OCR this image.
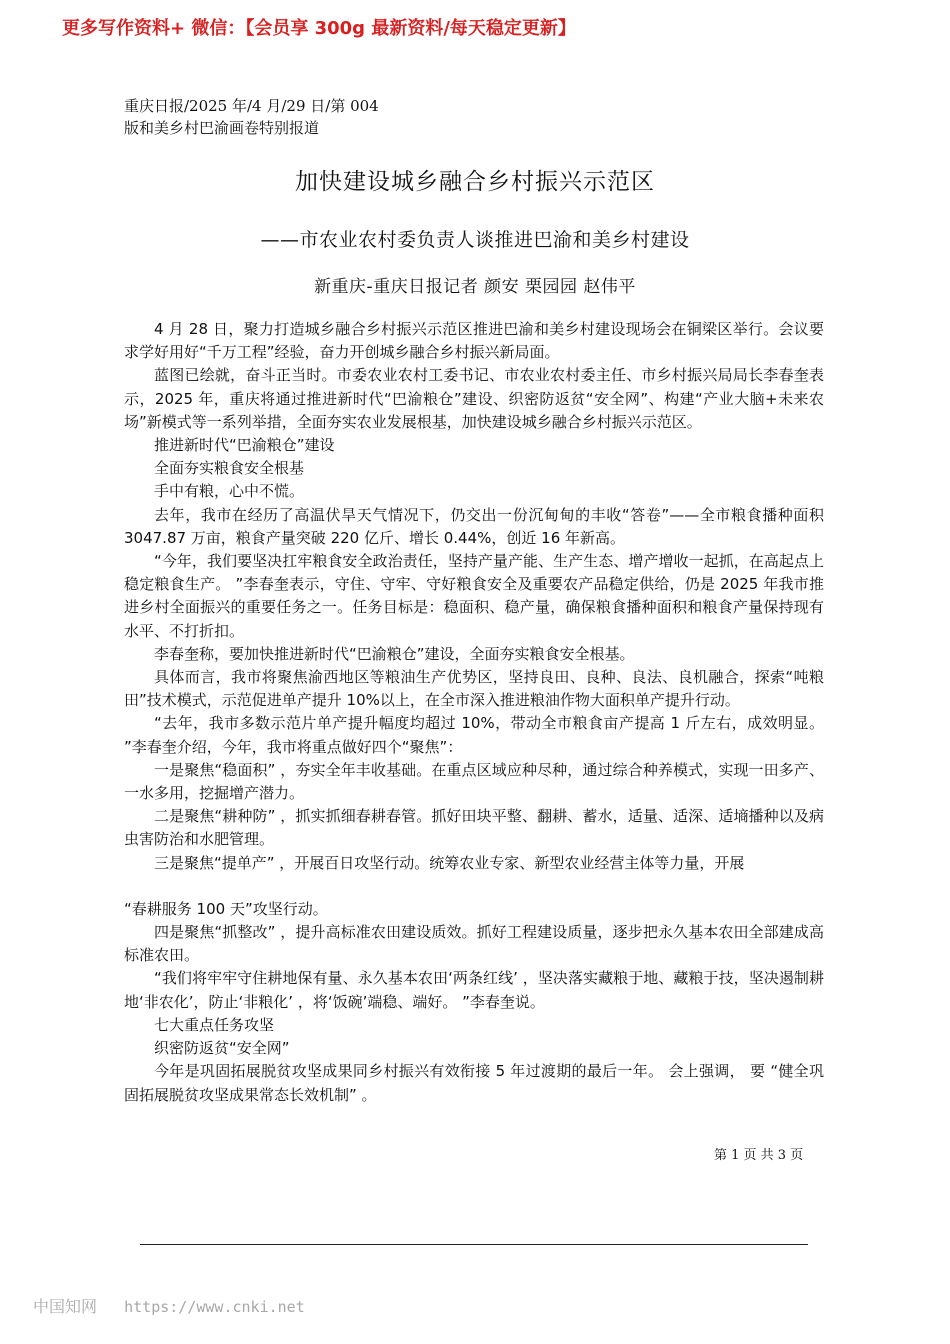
更多写作资料+ 微信：【会员享 300g 最新资料/每天稳定更新】
重庆日报/2025 年/4 月/29 日/第 004
版和美乡村巴渝画卷特别报道
加快建设城乡融合乡村振兴示范区
——市农业农村委负责人谈推进巴渝和美乡村建设
新重庆-重庆日报记者 颜安 栗园园 赵伟平

4 月 28 日，聚力打造城乡融合乡村振兴示范区推进巴渝和美乡村建设现场会在铜梁区举行。会议要求学好用好“千万工程”经验，奋力开创城乡融合乡村振兴新局面。

蓝图已绘就，奋斗正当时。市委农业农村工委书记、市农业农村委主任、市乡村振兴局局长李春奎表示，2025 年，重庆将通过推进新时代“巴渝粮仓”建设、织密防返贫“安全网”、构建“产业大脑+未来农场”新模式等一系列举措，全面夯实农业发展根基，加快建设城乡融合乡村振兴示范区。

推进新时代“巴渝粮仓”建设

全面夯实粮食安全根基

手中有粮，心中不慌。

去年，我市在经历了高温伏旱天气情况下，仍交出一份沉甸甸的丰收“答卷”——全市粮食播种面积 3047.87 万亩，粮食产量突破 220 亿斤、增长 0.44%，创近 16 年新高。

“今年，我们要坚决扛牢粮食安全政治责任，坚持产量产能、生产生态、增产增收一起抓，在高起点上稳定粮食生产。 ”李春奎表示，守住、守牢、守好粮食安全及重要农产品稳定供给，仍是 2025 年我市推进乡村全面振兴的重要任务之一。任务目标是：稳面积、稳产量，确保粮食播种面积和粮食产量保持现有水平、不打折扣。

李春奎称，要加快推进新时代“巴渝粮仓”建设，全面夯实粮食安全根基。

具体而言，我市将聚焦渝西地区等粮油生产优势区，坚持良田、良种、良法、良机融合，探索“吨粮田”技术模式，示范促进单产提升 10%以上，在全市深入推进粮油作物大面积单产提升行动。

“去年，我市多数示范片单产提升幅度均超过 10%，带动全市粮食亩产提高 1 斤左右，成效明显。 ”李春奎介绍，今年，我市将重点做好四个“聚焦”：

一是聚焦“稳面积” ，夯实全年丰收基础。在重点区域应种尽种，通过综合种养模式，实现一田多产、一水多用，挖掘增产潜力。

二是聚焦“耕种防” ，抓实抓细春耕春管。抓好田块平整、翻耕、蓄水，适量、适深、适墒播种以及病虫害防治和水肥管理。

三是聚焦“提单产” ，开展百日攻坚行动。统筹农业专家、新型农业经营主体等力量，开展

“春耕服务 100 天”攻坚行动。

四是聚焦“抓整改” ，提升高标准农田建设质效。抓好工程建设质量，逐步把永久基本农田全部建成高标准农田。

“我们将牢牢守住耕地保有量、永久基本农田‘两条红线’ ，坚决落实藏粮于地、藏粮于技，坚决遏制耕地‘非农化’，防止‘非粮化’ ，将‘饭碗’端稳、端好。 ”李春奎说。

七大重点任务攻坚

织密防返贫“安全网”

今年是巩固拓展脱贫攻坚成果同乡村振兴有效衔接 5 年过渡期的最后一年。 会上强调， 要 “健全巩固拓展脱贫攻坚成果常态长效机制” 。

第 1 页 共 3 页
中国知网 https://www.cnki.net
